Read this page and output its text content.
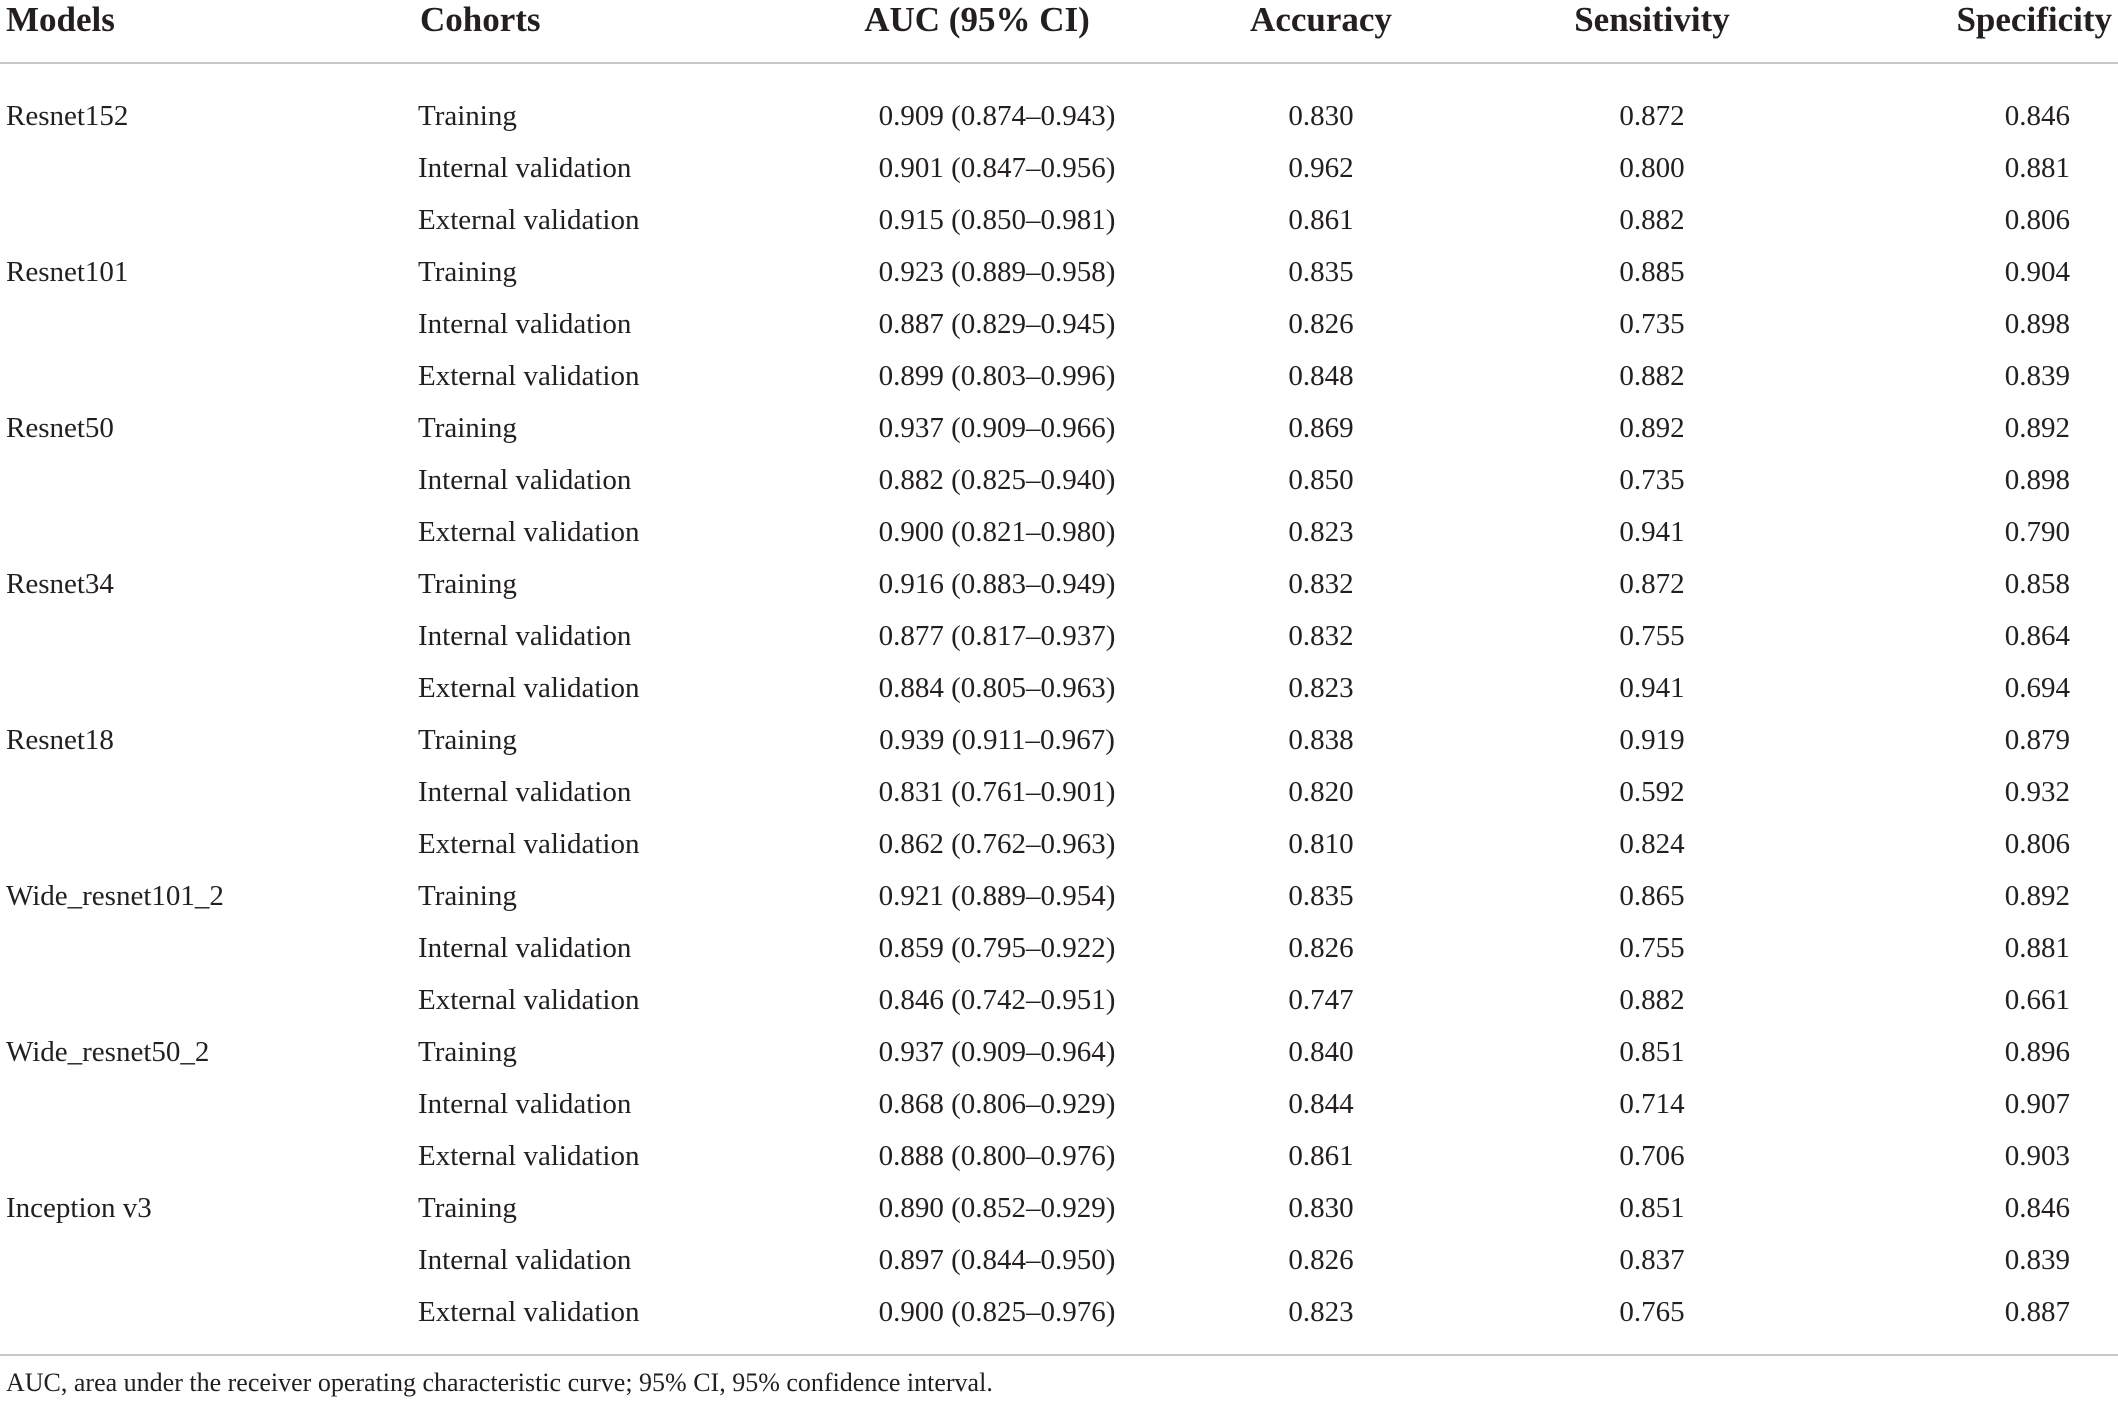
Models	Cohorts	AUC (95% CI)	Accuracy	Sensitivity	Specificity
Resnet152	Training	0.909 (0.874–0.943)	0.830	0.872	0.846
	Internal validation	0.901 (0.847–0.956)	0.962	0.800	0.881
	External validation	0.915 (0.850–0.981)	0.861	0.882	0.806
Resnet101	Training	0.923 (0.889–0.958)	0.835	0.885	0.904
	Internal validation	0.887 (0.829–0.945)	0.826	0.735	0.898
	External validation	0.899 (0.803–0.996)	0.848	0.882	0.839
Resnet50	Training	0.937 (0.909–0.966)	0.869	0.892	0.892
	Internal validation	0.882 (0.825–0.940)	0.850	0.735	0.898
	External validation	0.900 (0.821–0.980)	0.823	0.941	0.790
Resnet34	Training	0.916 (0.883–0.949)	0.832	0.872	0.858
	Internal validation	0.877 (0.817–0.937)	0.832	0.755	0.864
	External validation	0.884 (0.805–0.963)	0.823	0.941	0.694
Resnet18	Training	0.939 (0.911–0.967)	0.838	0.919	0.879
	Internal validation	0.831 (0.761–0.901)	0.820	0.592	0.932
	External validation	0.862 (0.762–0.963)	0.810	0.824	0.806
Wide_resnet101_2	Training	0.921 (0.889–0.954)	0.835	0.865	0.892
	Internal validation	0.859 (0.795–0.922)	0.826	0.755	0.881
	External validation	0.846 (0.742–0.951)	0.747	0.882	0.661
Wide_resnet50_2	Training	0.937 (0.909–0.964)	0.840	0.851	0.896
	Internal validation	0.868 (0.806–0.929)	0.844	0.714	0.907
	External validation	0.888 (0.800–0.976)	0.861	0.706	0.903
Inception v3	Training	0.890 (0.852–0.929)	0.830	0.851	0.846
	Internal validation	0.897 (0.844–0.950)	0.826	0.837	0.839
	External validation	0.900 (0.825–0.976)	0.823	0.765	0.887
AUC, area under the receiver operating characteristic curve; 95% CI, 95% confidence interval.
